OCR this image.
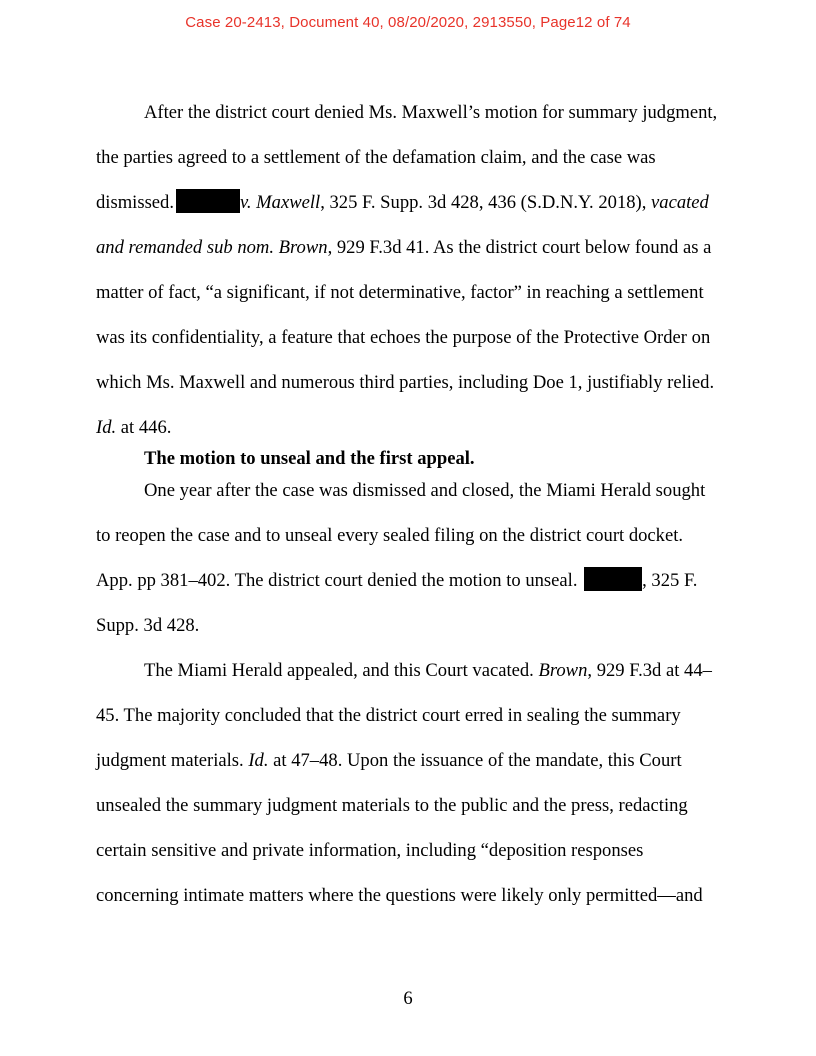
Case 20-2413, Document 40, 08/20/2020, 2913550, Page12 of 74

After the district court denied Ms. Maxwell’s motion for summary judgment, the parties agreed to a settlement of the defamation claim, and the case was dismissed.	v. Maxwell, 325 F. Supp. 3d 428, 436 (S.D.N.Y. 2018), vacated and remanded sub nom. Brown, 929 F.3d 41. As the district court below found as a matter of fact, “a significant, if not determinative, factor” in reaching a settlement was its confidentiality, a feature that echoes the purpose of the Protective Order on which Ms. Maxwell and numerous third parties, including Doe 1, justifiably relied. Id. at 446.

The motion to unseal and the first appeal.

One year after the case was dismissed and closed, the Miami Herald sought to reopen the case and to unseal every sealed filing on the district court docket. App. pp 381–402. The district court denied the motion to unseal.	, 325 F. Supp. 3d 428.

The Miami Herald appealed, and this Court vacated. Brown, 929 F.3d at 44–45. The majority concluded that the district court erred in sealing the summary judgment materials. Id. at 47–48. Upon the issuance of the mandate, this Court unsealed the summary judgment materials to the public and the press, redacting certain sensitive and private information, including “deposition responses concerning intimate matters where the questions were likely only permitted—and

6
